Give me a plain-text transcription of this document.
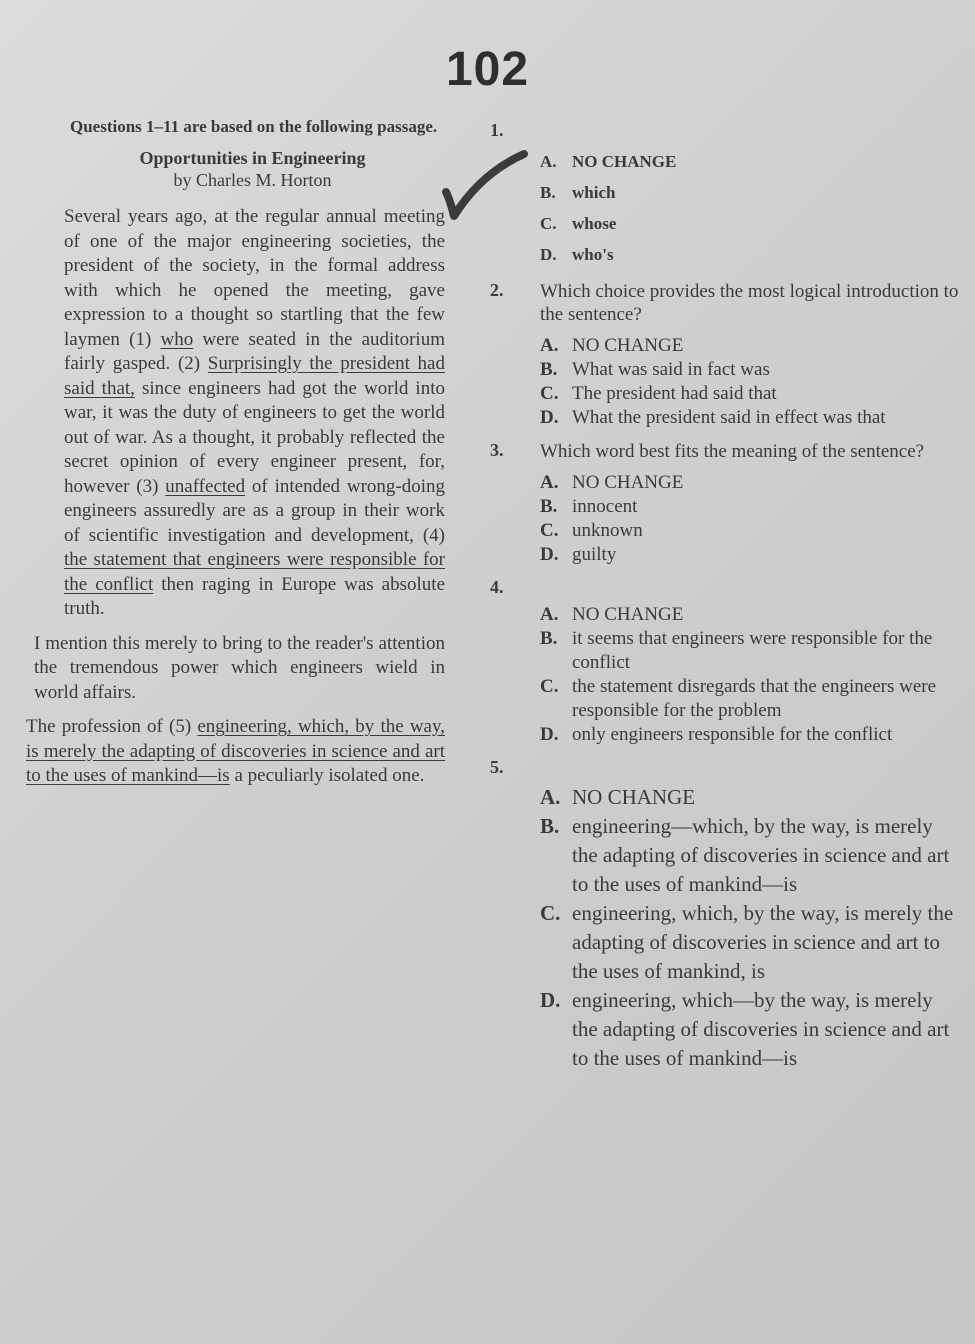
102
Questions 1–11 are based on the following passage.
Opportunities in Engineering
by Charles M. Horton

Several years ago, at the regular annual meeting of one of the major engineering societies, the president of the society, in the formal address with which he opened the meeting, gave expression to a thought so startling that the few laymen (1) who were seated in the auditorium fairly gasped. (2) Surprisingly the president had said that, since engineers had got the world into war, it was the duty of engineers to get the world out of war. As a thought, it probably reflected the secret opinion of every engineer present, for, however (3) unaffected of intended wrong-doing engineers assuredly are as a group in their work of scientific investigation and development, (4) the statement that engineers were responsible for the conflict then raging in Europe was absolute truth.

I mention this merely to bring to the reader's attention the tremendous power which engineers wield in world affairs.

The profession of (5) engineering, which, by the way, is merely the adapting of discoveries in science and art to the uses of mankind—is a peculiarly isolated one.

1.
A. NO CHANGE
B. which
C. whose
D. who's
2. Which choice provides the most logical introduction to the sentence?
A. NO CHANGE
B. What was said in fact was
C. The president had said that
D. What the president said in effect was that
3. Which word best fits the meaning of the sentence?
A. NO CHANGE
B. innocent
C. unknown
D. guilty
4.
A. NO CHANGE
B. it seems that engineers were responsible for the conflict
C. the statement disregards that the engineers were responsible for the problem
D. only engineers responsible for the conflict
5.
A. NO CHANGE
B. engineering—which, by the way, is merely the adapting of discoveries in science and art to the uses of mankind—is
C. engineering, which, by the way, is merely the adapting of discoveries in science and art to the uses of mankind, is
D. engineering, which—by the way, is merely the adapting of discoveries in science and art to the uses of mankind—is
